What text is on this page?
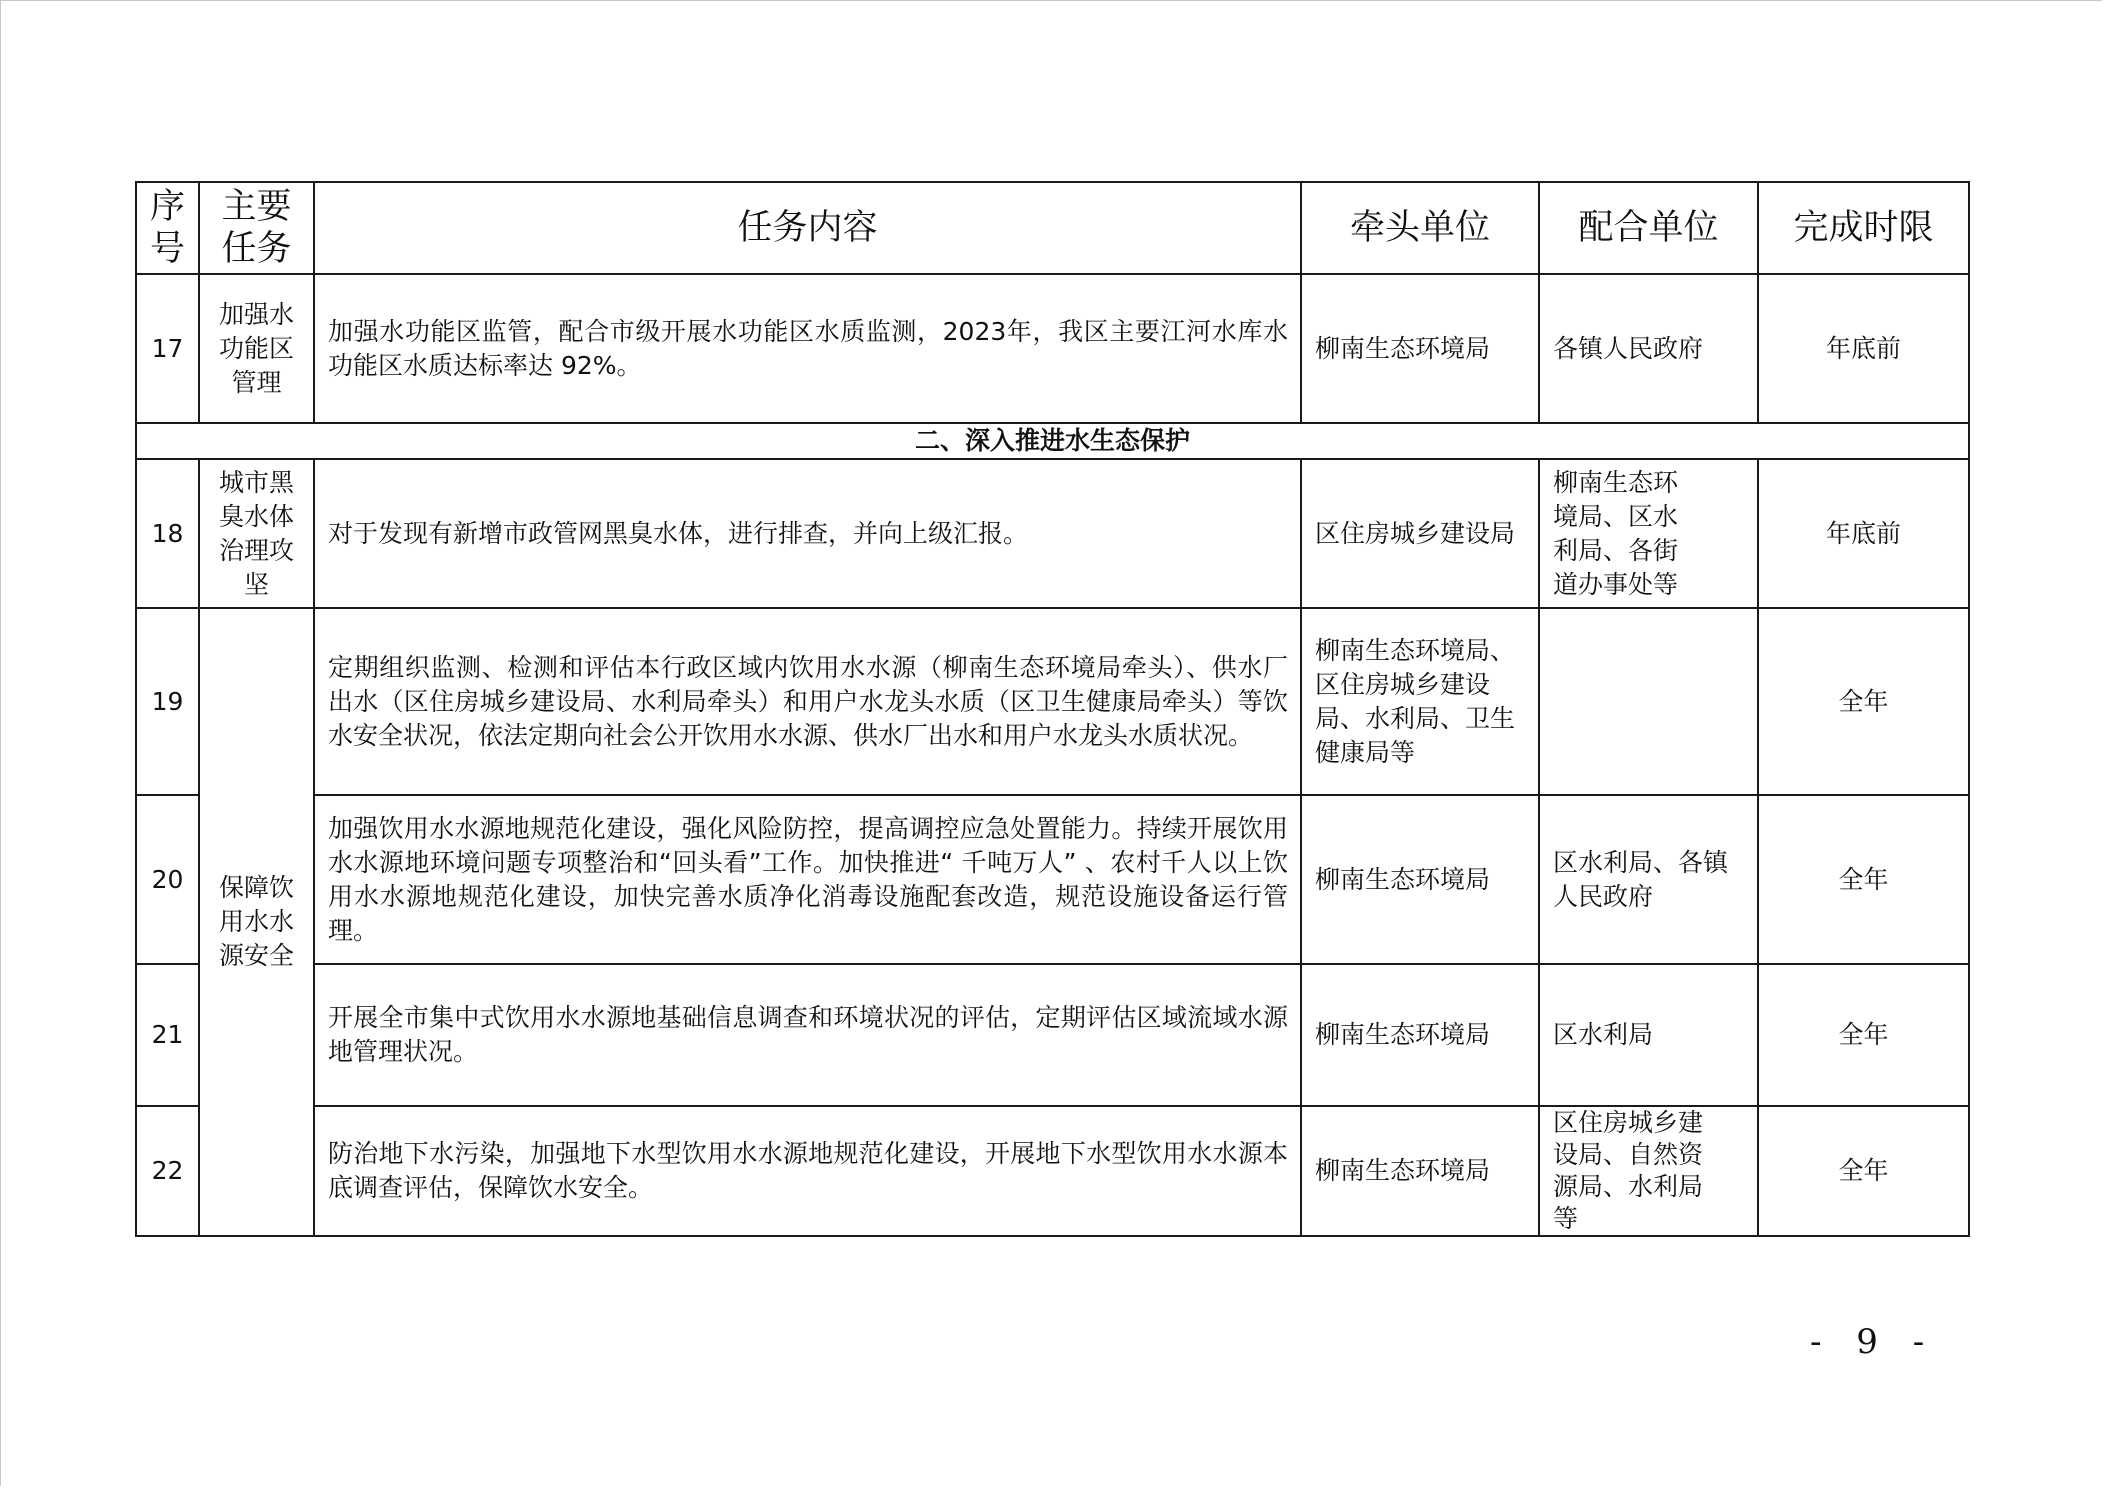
序号	主要任务	任务内容	牵头单位	配合单位	完成时限
17	加强水功能区管理	加强水功能区监管，配合市级开展水功能区水质监测，2023年，我区主要江河水库水功能区水质达标率达 92%。	柳南生态环境局	各镇人民政府	年底前
二、深入推进水生态保护					
18	城市黑臭水体治理攻坚	对于发现有新增市政管网黑臭水体，进行排查，并向上级汇报。	区住房城乡建设局	柳南生态环境局、区水利局、各街道办事处等	年底前
19	保障饮用水水源安全	定期组织监测、检测和评估本行政区域内饮用水水源（柳南生态环境局牵头）、供水厂出水（区住房城乡建设局、水利局牵头）和用户水龙头水质（区卫生健康局牵头）等饮水安全状况，依法定期向社会公开饮用水水源、供水厂出水和用户水龙头水质状况。	柳南生态环境局、区住房城乡建设局、水利局、卫生健康局等		全年
20		加强饮用水水源地规范化建设，强化风险防控，提高调控应急处置能力。持续开展饮用水水源地环境问题专项整治和“回头看”工作。加快推进“ 千吨万人” 、农村千人以上饮用水水源地规范化建设，加快完善水质净化消毒设施配套改造，规范设施设备运行管理。	柳南生态环境局	区水利局、各镇人民政府	全年
21		开展全市集中式饮用水水源地基础信息调查和环境状况的评估，定期评估区域流域水源地管理状况。	柳南生态环境局	区水利局	全年
22		防治地下水污染，加强地下水型饮用水水源地规范化建设，开展地下水型饮用水水源本底调查评估，保障饮水安全。	柳南生态环境局	区住房城乡建设局、自然资源局、水利局等	全年
- 9 -
